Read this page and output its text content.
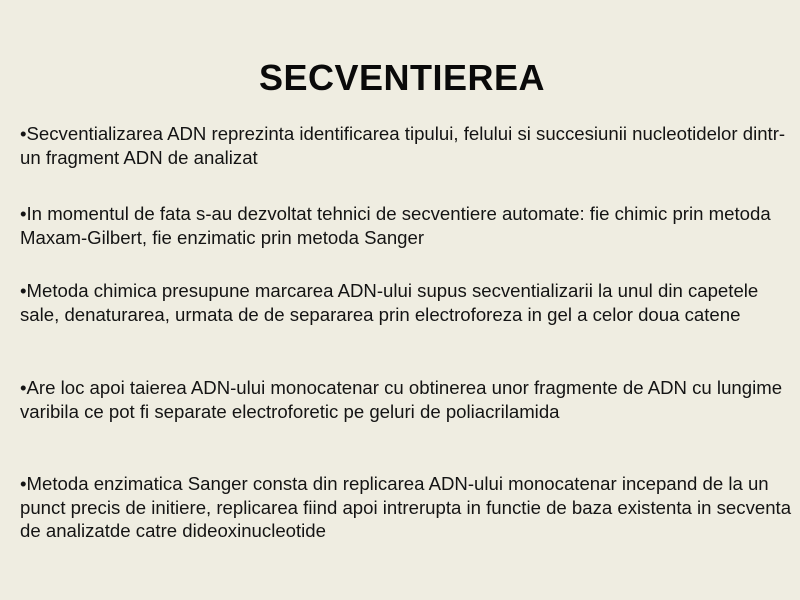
SECVENTIEREA
•Secventializarea ADN reprezinta identificarea tipului, felului si succesiunii nucleotidelor dintr-un fragment ADN de analizat
•In momentul de fata s-au dezvoltat tehnici de secventiere automate: fie chimic prin metoda Maxam-Gilbert, fie enzimatic prin metoda Sanger
•Metoda chimica presupune marcarea ADN-ului supus secventializarii la unul din capetele sale, denaturarea, urmata de de separarea prin electroforeza in gel a celor doua catene
•Are loc apoi taierea ADN-ului monocatenar cu obtinerea unor fragmente de ADN cu lungime varibila ce pot fi separate electroforetic pe geluri de poliacrilamida
•Metoda enzimatica Sanger consta din replicarea ADN-ului monocatenar incepand de la un punct precis de initiere, replicarea fiind apoi intrerupta in functie de baza existenta in secventa de analizatde catre dideoxinucleotide
